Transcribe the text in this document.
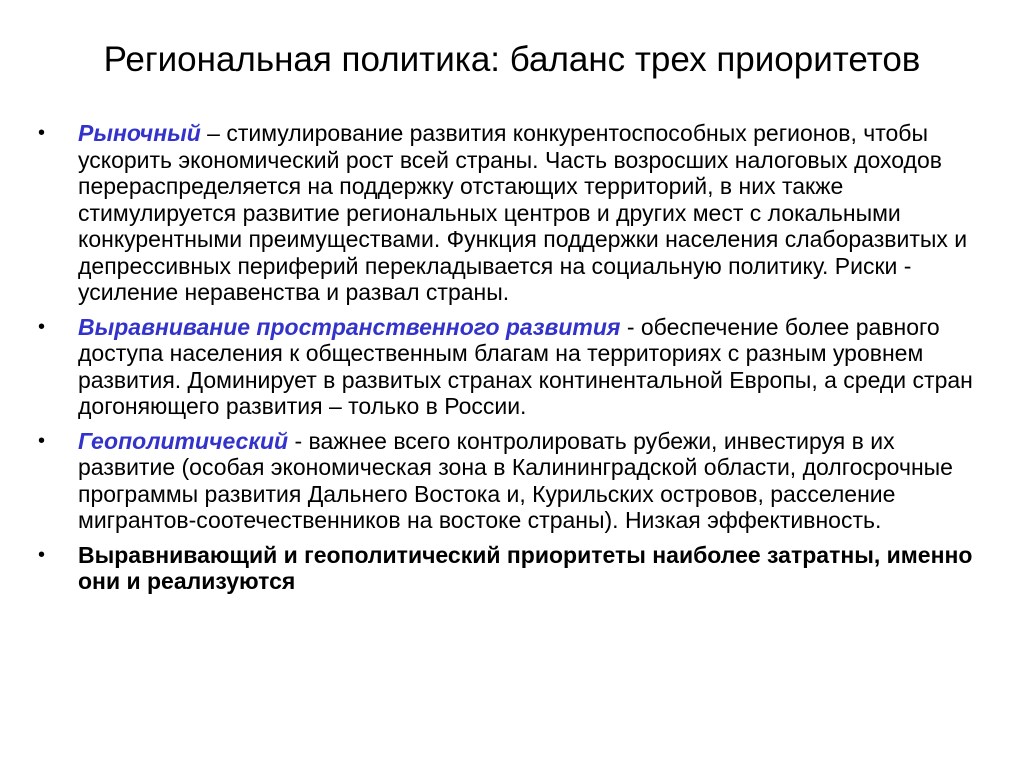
Региональная политика: баланс трех приоритетов
•	Рыночный – стимулирование развития конкурентоспособных регионов, чтобы ускорить экономический рост всей страны. Часть возросших налоговых доходов перераспределяется на поддержку отстающих территорий, в них также стимулируется развитие региональных центров и других мест с локальными конкурентными преимуществами. Функция поддержки населения слаборазвитых и депрессивных периферий перекладывается на социальную политику. Риски - усиление неравенства и развал страны.
•	Выравнивание пространственного развития - обеспечение более равного доступа населения к общественным благам на территориях с разным уровнем развития. Доминирует в развитых странах континентальной Европы, а среди стран догоняющего развития – только в России.
•	Геополитический - важнее всего контролировать рубежи, инвестируя в их развитие (особая экономическая зона в Калининградской области, долгосрочные программы развития Дальнего Востока и, Курильских островов, расселение мигрантов-соотечественников на востоке страны). Низкая эффективность.
•	Выравнивающий и геополитический приоритеты наиболее затратны, именно они и реализуются
